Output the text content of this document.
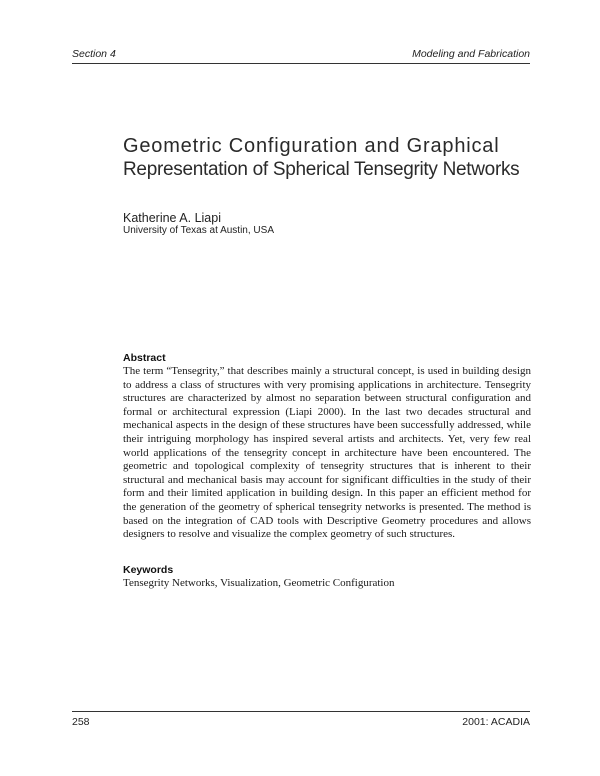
Section 4	Modeling and Fabrication
Geometric Configuration and Graphical
Representation of Spherical Tensegrity Networks
Katherine A. Liapi
University of Texas at Austin, USA
Abstract

The term “Tensegrity,” that describes mainly a structural concept, is used in building design to address a class of structures with very promising applications in architecture. Tensegrity structures are characterized by almost no separation between structural configuration and formal or architectural expression (Liapi 2000). In the last two decades structural and mechanical aspects in the design of these structures have been successfully addressed, while their intriguing morphology has inspired several artists and architects. Yet, very few real world applications of the tensegrity concept in architecture have been encountered. The geometric and topological complexity of tensegrity structures that is inherent to their structural and mechanical basis may account for significant difficulties in the study of their form and their limited application in building design. In this paper an efficient method for the generation of the geometry of spherical tensegrity networks is presented. The method is based on the integration of CAD tools with Descriptive Geometry procedures and allows designers to resolve and visualize the complex geometry of such structures.

Keywords
Tensegrity Networks, Visualization, Geometric Configuration
258	2001: ACADIA
